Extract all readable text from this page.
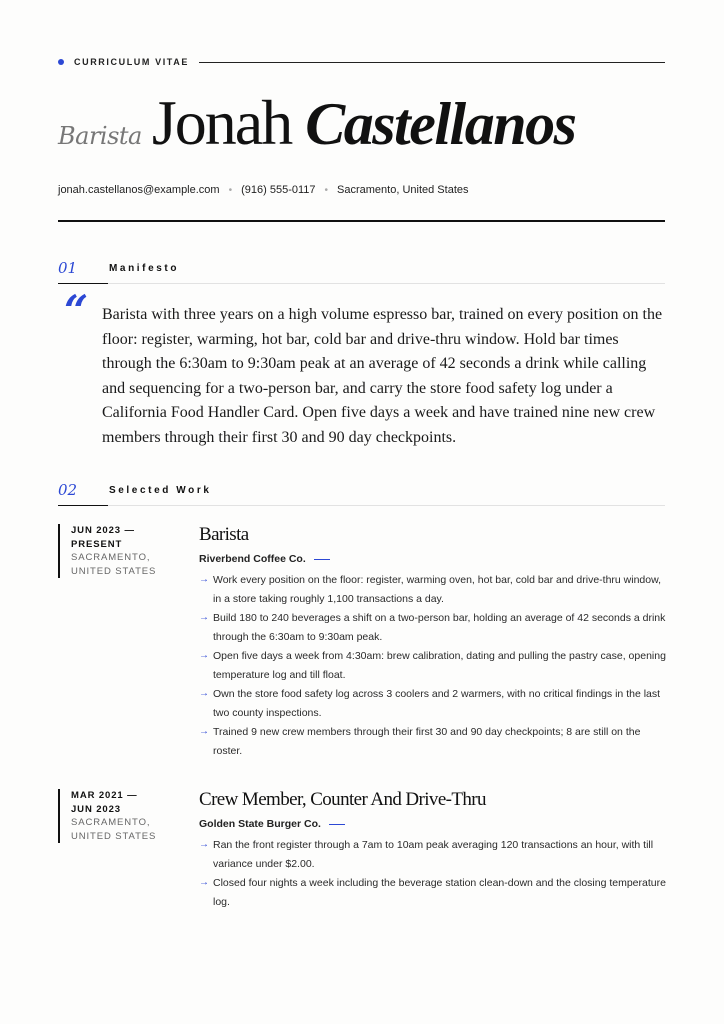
CURRICULUM VITAE
Barista Jonah Castellanos
jonah.castellanos@example.com • (916) 555-0117 • Sacramento, United States
01	Manifesto
“ Barista with three years on a high volume espresso bar, trained on every position on the floor: register, warming, hot bar, cold bar and drive-thru window. Hold bar times through the 6:30am to 9:30am peak at an average of 42 seconds a drink while calling and sequencing for a two-person bar, and carry the store food safety log under a California Food Handler Card. Open five days a week and have trained nine new crew members through their first 30 and 90 day checkpoints.

02	Selected Work
JUN 2023 —
PRESENT
SACRAMENTO,
UNITED STATES
Barista
Riverbend Coffee Co.
→ Work every position on the floor: register, warming oven, hot bar, cold bar and drive-thru window, in a store taking roughly 1,100 transactions a day.
→ Build 180 to 240 beverages a shift on a two-person bar, holding an average of 42 seconds a drink through the 6:30am to 9:30am peak.
→ Open five days a week from 4:30am: brew calibration, dating and pulling the pastry case, opening temperature log and till float.
→ Own the store food safety log across 3 coolers and 2 warmers, with no critical findings in the last two county inspections.
→ Trained 9 new crew members through their first 30 and 90 day checkpoints; 8 are still on the roster.
MAR 2021 —
JUN 2023
SACRAMENTO,
UNITED STATES
Crew Member, Counter And Drive-Thru
Golden State Burger Co.
→ Ran the front register through a 7am to 10am peak averaging 120 transactions an hour, with till variance under $2.00.
→ Closed four nights a week including the beverage station clean-down and the closing temperature log.
